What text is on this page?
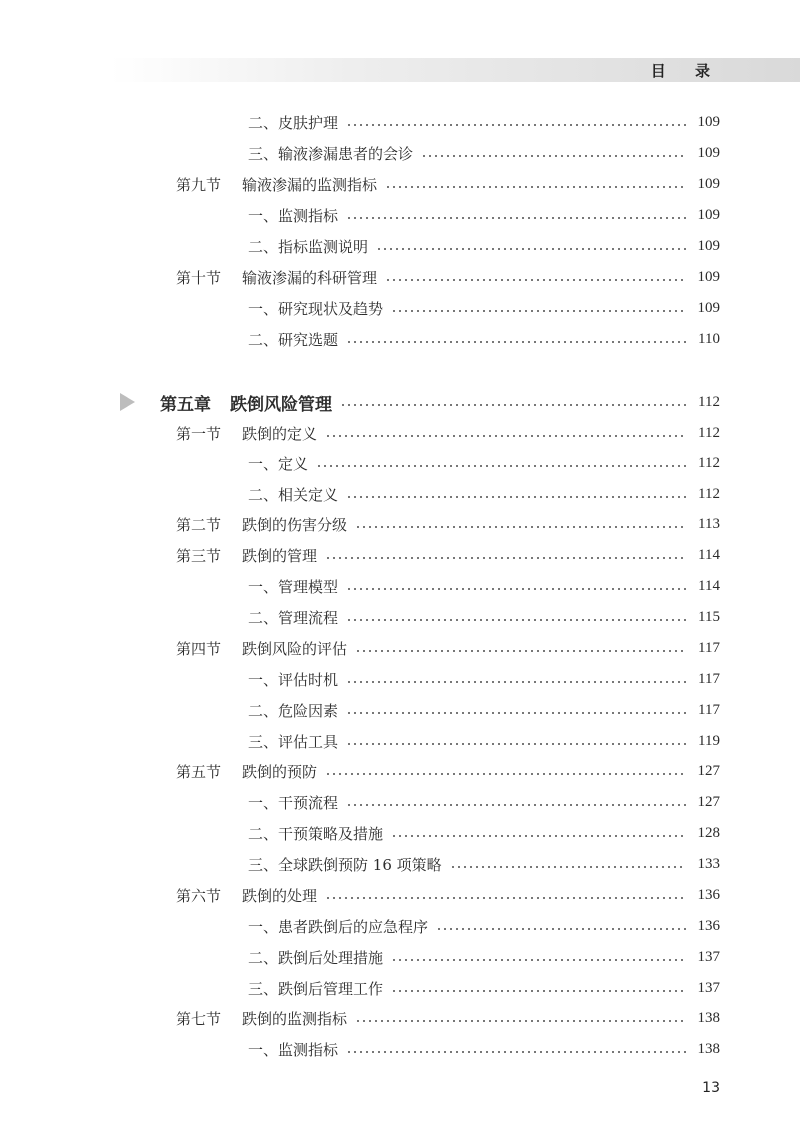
目 录
二、 皮肤护理	109
三、 输液渗漏患者的会诊	109
第九节	输液渗漏的监测指标	109
一、 监测指标	109
二、 指标监测说明	109
第十节	输液渗漏的科研管理	109
一、 研究现状及趋势	109
二、 研究选题	110
第五章	跌倒风险管理	112
第一节	跌倒的定义	112
一、 定义	112
二、 相关定义	112
第二节	跌倒的伤害分级	113
第三节	跌倒的管理	114
一、 管理模型	114
二、 管理流程	115
第四节	跌倒风险的评估	117
一、 评估时机	117
二、 危险因素	117
三、 评估工具	119
第五节	跌倒的预防	127
一、 干预流程	127
二、 干预策略及措施	128
三、 全球跌倒预防 16 项策略	133
第六节	跌倒的处理	136
一、 患者跌倒后的应急程序	136
二、 跌倒后处理措施	137
三、 跌倒后管理工作	137
第七节	跌倒的监测指标	138
一、 监测指标	138
13
